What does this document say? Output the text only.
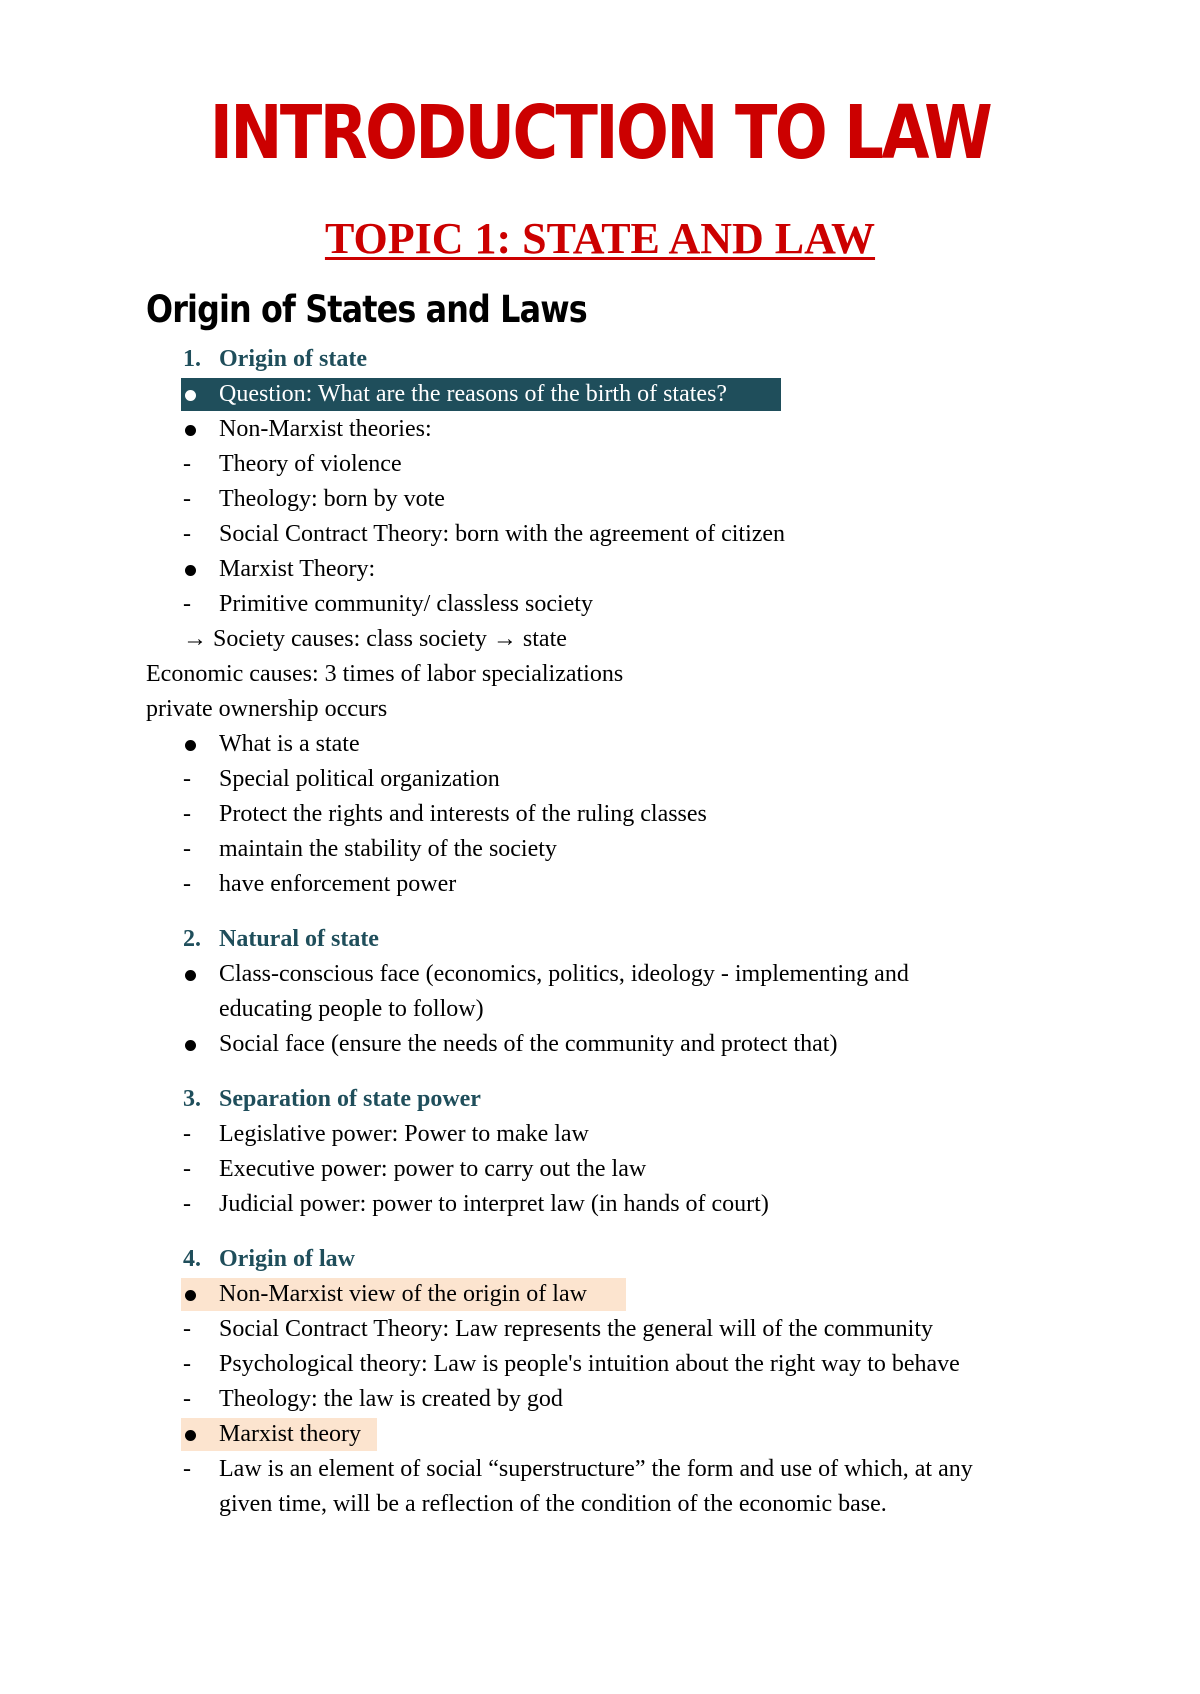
INTRODUCTION TO LAW
TOPIC 1: STATE AND LAW
Origin of States and Laws
1. Origin of state
Question: What are the reasons of the birth of states?
Non-Marxist theories:
- Theory of violence
- Theology: born by vote
- Social Contract Theory: born with the agreement of citizen
Marxist Theory:
- Primitive community/ classless society
→ Society causes: class society → state
Economic causes: 3 times of labor specializations
private ownership occurs
What is a state
- Special political organization
- Protect the rights and interests of the ruling classes
- maintain the stability of the society
- have enforcement power
2. Natural of state
Class-conscious face (economics, politics, ideology - implementing and
educating people to follow)
Social face (ensure the needs of the community and protect that)
3. Separation of state power
- Legislative power: Power to make law
- Executive power: power to carry out the law
- Judicial power: power to interpret law (in hands of court)
4. Origin of law
Non-Marxist view of the origin of law
- Social Contract Theory: Law represents the general will of the community
- Psychological theory: Law is people's intuition about the right way to behave
- Theology: the law is created by god
Marxist theory
- Law is an element of social “superstructure” the form and use of which, at any
given time, will be a reflection of the condition of the economic base.
